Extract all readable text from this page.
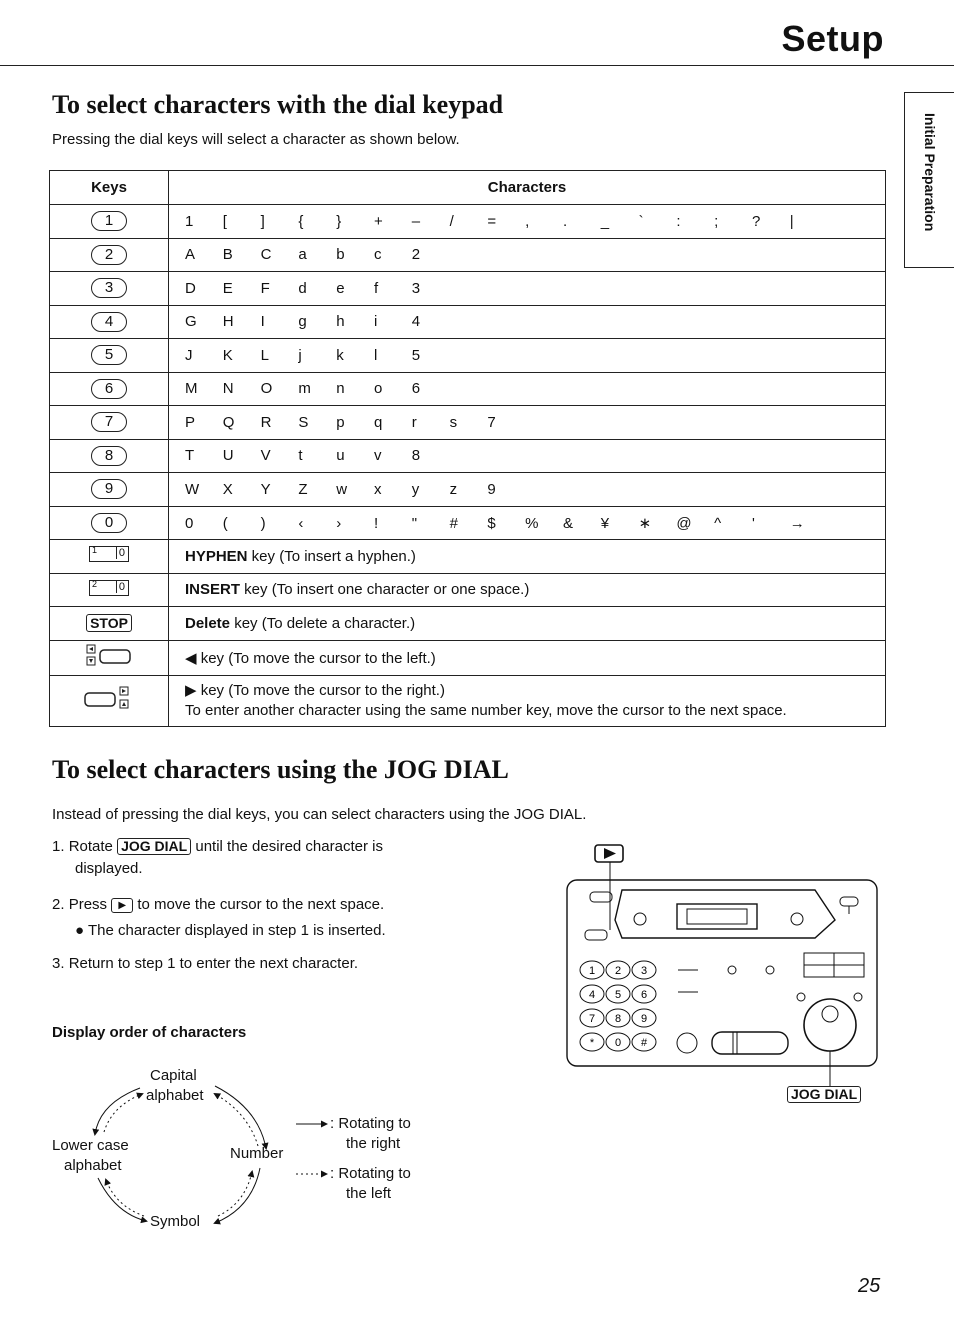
Setup
Initial Preparation
To select characters with the dial keypad

Pressing the dial keys will select a character as shown below.

Keys	Characters
1	1 [ ] { } + – / = , . _ ` : ; ? |
2	A B C a b c 2
3	D E F d e f 3
4	G H I g h i 4
5	J K L j k l 5
6	M N O m n o 6
7	P Q R S p q r s 7
8	T U V t u v 8
9	W X Y Z w x y z 9
0	0 ( ) ‹ › ! " # $ % & ¥ ∗ @ ^ ' →

1 0	HYPHEN key (To insert a hyphen.)

2 0	INSERT key (To insert one character or one space.)
STOP	Delete key (To delete a character.)
	◀ key (To move the cursor to the left.)

▶ key (To move the cursor to the right.)
To enter another character using the same number key, move the cursor to the next space.
To select characters using the JOG DIAL

Instead of pressing the dial keys, you can select characters using the JOG DIAL.

1. Rotate JOG DIAL until the desired character is
displayed.
2. Press ▶ to move the cursor to the next space.
● The character displayed in step 1 is inserted.
3. Return to step 1 to enter the next character.
Display order of characters
Capital
alphabet
Lower case
alphabet
Number
Symbol
: Rotating to
the right
: Rotating to
the left
1 2 3
4 5 6
7 8 9
* 0 #
JOG DIAL
25
